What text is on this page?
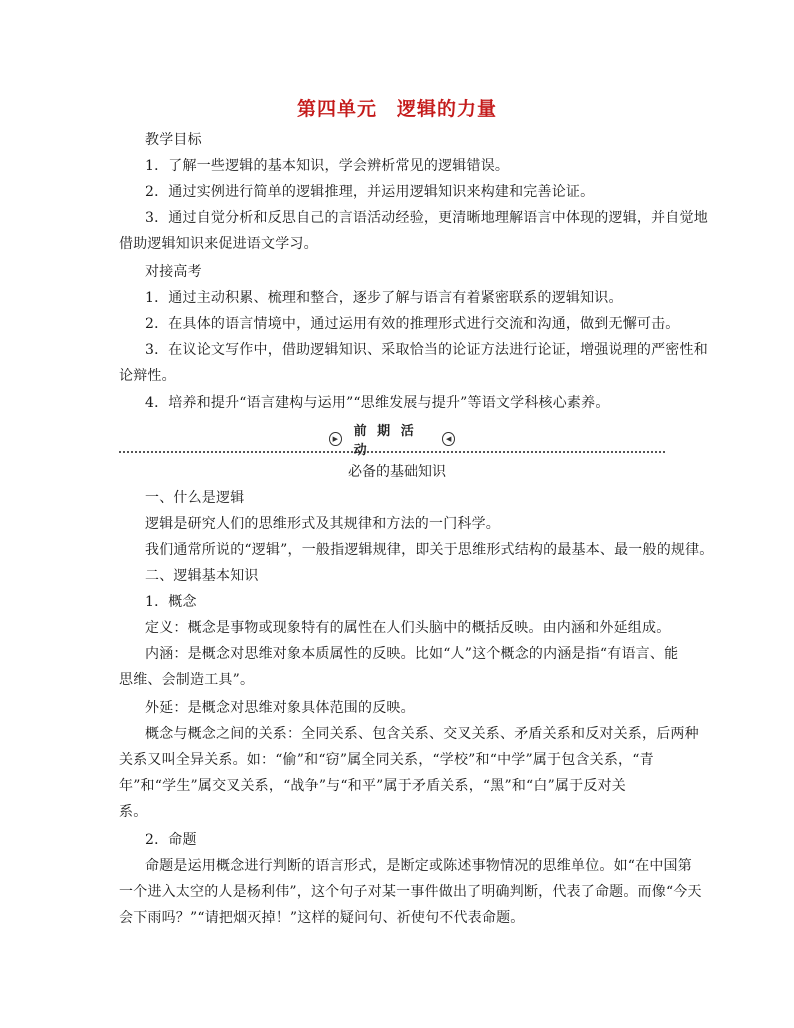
第四单元　逻辑的力量
教学目标
1．了解一些逻辑的基本知识，学会辨析常见的逻辑错误。
2．通过实例进行简单的逻辑推理，并运用逻辑知识来构建和完善论证。
3．通过自觉分析和反思自己的言语活动经验，更清晰地理解语言中体现的逻辑，并自觉地
借助逻辑知识来促进语文学习。
对接高考
1．通过主动积累、梳理和整合，逐步了解与语言有着紧密联系的逻辑知识。
2．在具体的语言情境中，通过运用有效的推理形式进行交流和沟通，做到无懈可击。
3．在议论文写作中，借助逻辑知识、采取恰当的论证方法进行论证，增强说理的严密性和
论辩性。
4．培养和提升“语言建构与运用”“思维发展与提升”等语文学科核心素养。
▶ 前 期 活 动
◀
必备的基础知识
一、什么是逻辑
逻辑是研究人们的思维形式及其规律和方法的一门科学。
我们通常所说的“逻辑”，一般指逻辑规律，即关于思维形式结构的最基本、最一般的规律。
二、逻辑基本知识
1．概念
定义：概念是事物或现象特有的属性在人们头脑中的概括反映。由内涵和外延组成。
内涵：是概念对思维对象本质属性的反映。比如“人”这个概念的内涵是指“有语言、能
思维、会制造工具”。
外延：是概念对思维对象具体范围的反映。
概念与概念之间的关系：全同关系、包含关系、交叉关系、矛盾关系和反对关系，后两种
关系又叫全异关系。如：“偷”和“窃”属全同关系，“学校”和“中学”属于包含关系，“青
年”和“学生”属交叉关系，“战争”与“和平”属于矛盾关系，“黑”和“白”属于反对关
系。
2．命题
命题是运用概念进行判断的语言形式，是断定或陈述事物情况的思维单位。如“在中国第
一个进入太空的人是杨利伟”，这个句子对某一事件做出了明确判断，代表了命题。而像“今天
会下雨吗？”“请把烟灭掉！”这样的疑问句、祈使句不代表命题。
